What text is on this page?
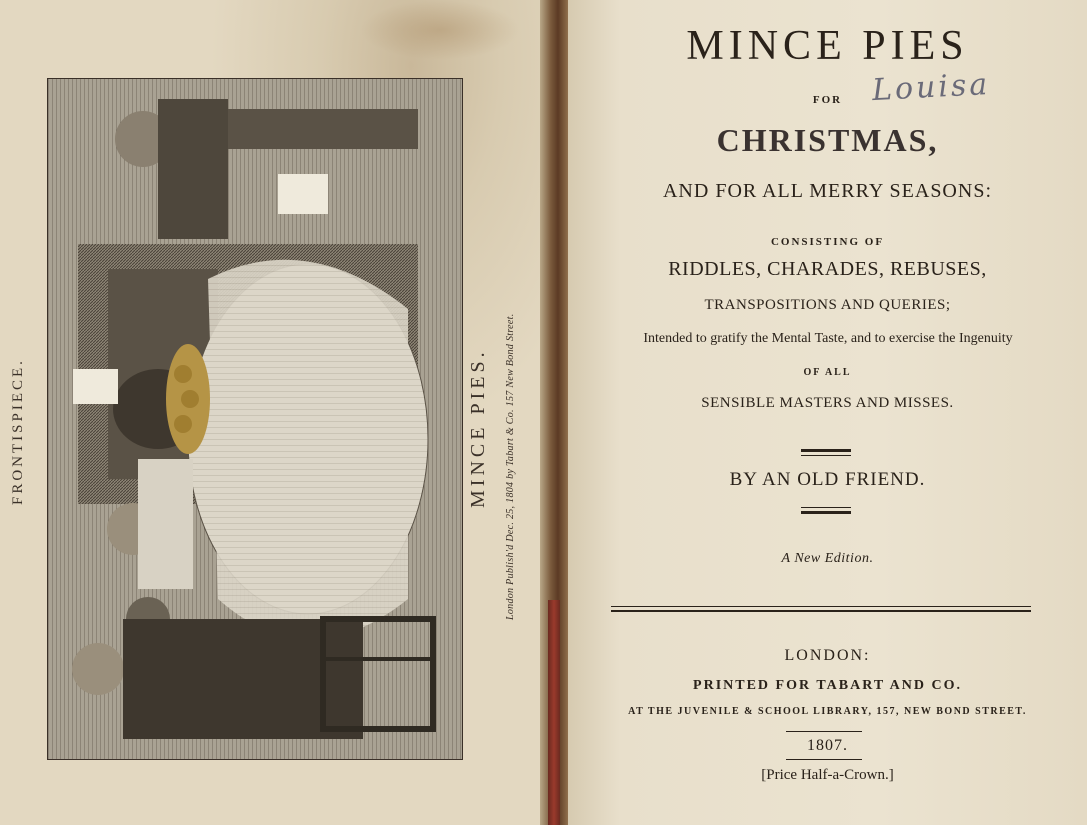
FRONTISPIECE.	MINCE PIES. London Publish'd Dec. 25, 1804 by Tabart & Co. 157 New Bond Street.
MINCE PIES
FOR Louisa
CHRISTMAS,
AND FOR ALL MERRY SEASONS:
CONSISTING OF
RIDDLES, CHARADES, REBUSES,
TRANSPOSITIONS AND QUERIES;
Intended to gratify the Mental Taste, and to exercise the Ingenuity
OF ALL
SENSIBLE MASTERS AND MISSES.
BY AN OLD FRIEND.
A New Edition.
LONDON:
PRINTED FOR TABART AND CO.
AT THE JUVENILE & SCHOOL LIBRARY, 157, NEW BOND STREET.
1807.
[Price Half-a-Crown.]
